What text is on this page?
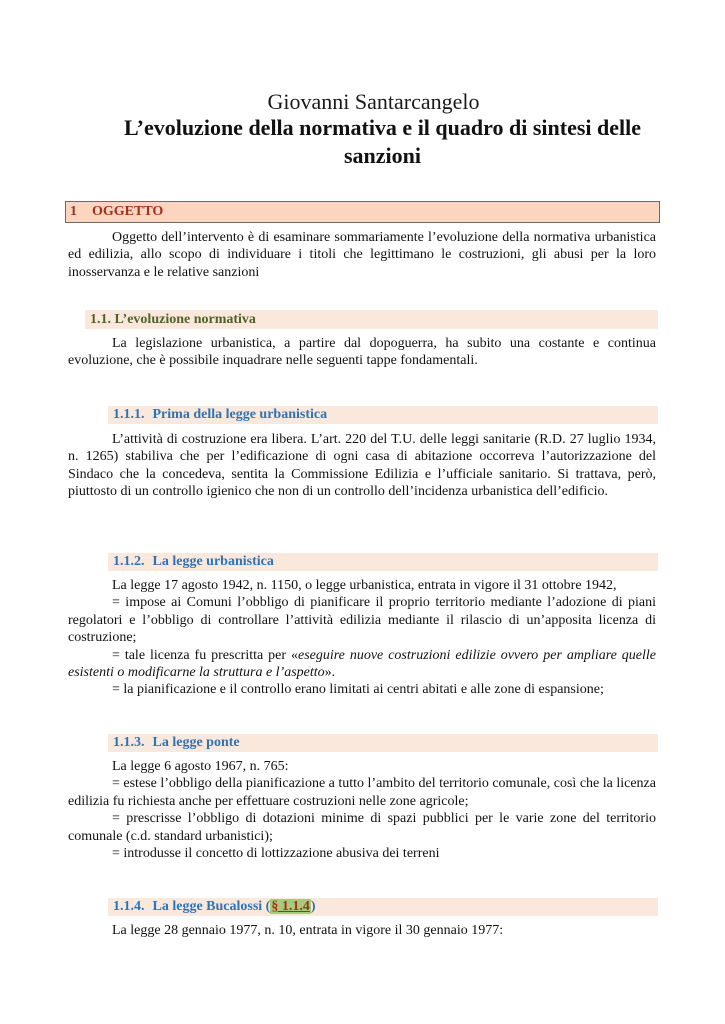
Giovanni Santarcangelo
L’evoluzione della normativa e il quadro di sintesi delle sanzioni
1 OGGETTO

Oggetto dell’intervento è di esaminare sommariamente l’evoluzione della normativa urbanistica ed edilizia, allo scopo di individuare i titoli che legittimano le costruzioni, gli abusi per la loro inosservanza e le relative sanzioni

1.1. L’evoluzione normativa

La legislazione urbanistica, a partire dal dopoguerra, ha subito una costante e continua evoluzione, che è possibile inquadrare nelle seguenti tappe fondamentali.

1.1.1. Prima della legge urbanistica

L’attività di costruzione era libera. L’art. 220 del T.U. delle leggi sanitarie (R.D. 27 luglio 1934, n. 1265) stabiliva che per l’edificazione di ogni casa di abitazione occorreva l’autorizzazione del Sindaco che la concedeva, sentita la Commissione Edilizia e l’ufficiale sanitario. Si trattava, però, piuttosto di un controllo igienico che non di un controllo dell’incidenza urbanistica dell’edificio.

1.1.2. La legge urbanistica

La legge 17 agosto 1942, n. 1150, o legge urbanistica, entrata in vigore il 31 ottobre 1942,

= impose ai Comuni l’obbligo di pianificare il proprio territorio mediante l’adozione di piani regolatori e l’obbligo di controllare l’attività edilizia mediante il rilascio di un’apposita licenza di costruzione;

= tale licenza fu prescritta per «eseguire nuove costruzioni edilizie ovvero per ampliare quelle esistenti o modificarne la struttura e l’aspetto».

= la pianificazione e il controllo erano limitati ai centri abitati e alle zone di espansione;

1.1.3. La legge ponte

La legge 6 agosto 1967, n. 765:

= estese l’obbligo della pianificazione a tutto l’ambito del territorio comunale, così che la licenza edilizia fu richiesta anche per effettuare costruzioni nelle zone agricole;

= prescrisse l’obbligo di dotazioni minime di spazi pubblici per le varie zone del territorio comunale (c.d. standard urbanistici);

= introdusse il concetto di lottizzazione abusiva dei terreni

1.1.4. La legge Bucalossi (§ 1.1.4)

La legge 28 gennaio 1977, n. 10, entrata in vigore il 30 gennaio 1977:
